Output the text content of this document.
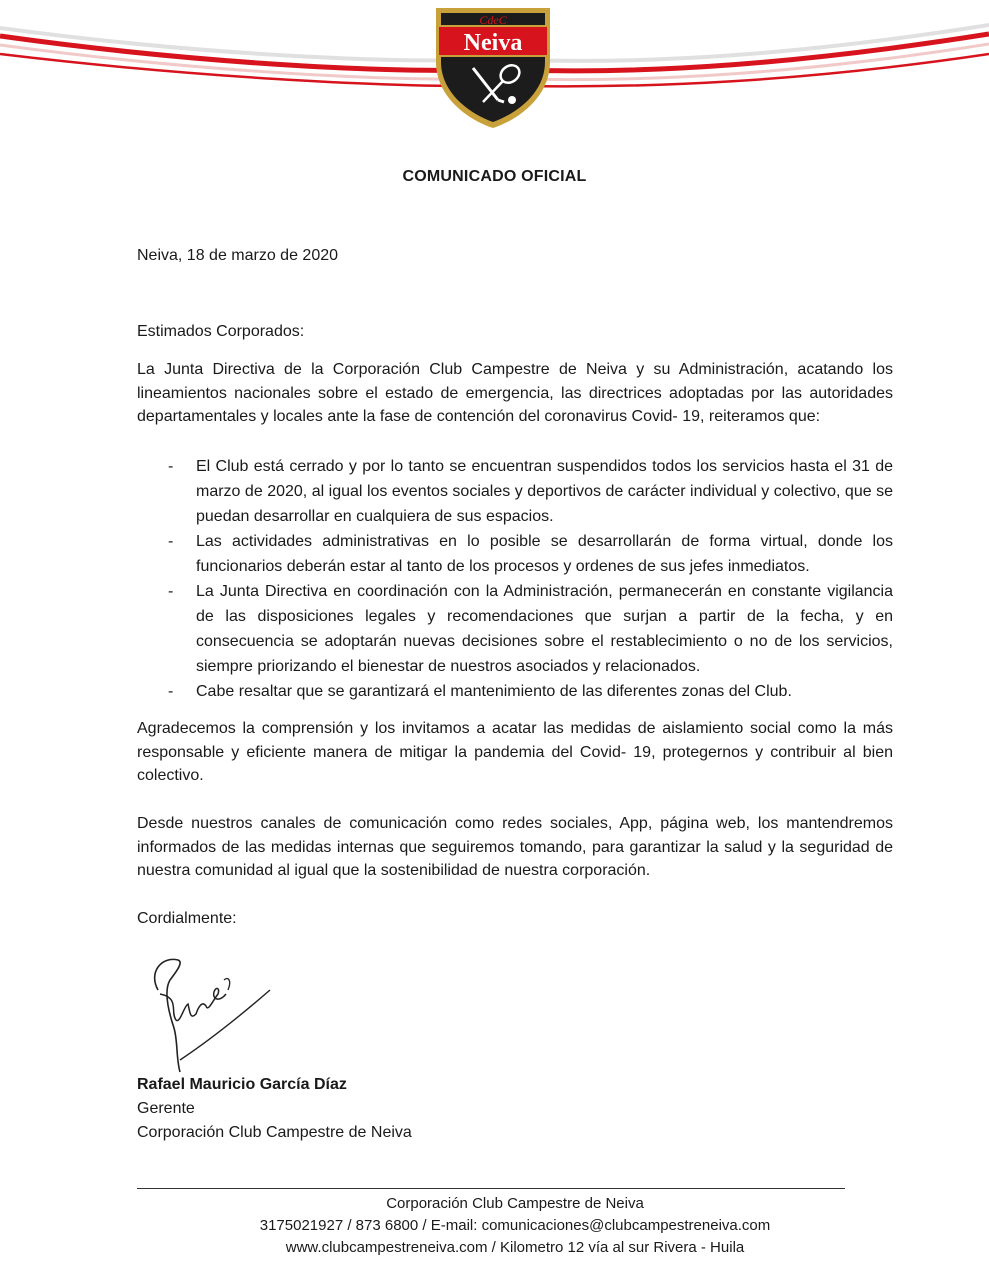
CdeC
Neiva
COMUNICADO OFICIAL
Neiva, 18 de marzo de 2020
Estimados Corporados:

La Junta Directiva de la Corporación Club Campestre de Neiva y su Administración, acatando los lineamientos nacionales sobre el estado de emergencia, las directrices adoptadas por las autoridades departamentales y locales ante la fase de contención del coronavirus Covid- 19, reiteramos que:

- El Club está cerrado y por lo tanto se encuentran suspendidos todos los servicios hasta el 31 de marzo de 2020, al igual los eventos sociales y deportivos de carácter individual y colectivo, que se puedan desarrollar en cualquiera de sus espacios.
- Las actividades administrativas en lo posible se desarrollarán de forma virtual, donde los funcionarios deberán estar al tanto de los procesos y ordenes de sus jefes inmediatos.
- La Junta Directiva en coordinación con la Administración, permanecerán en constante vigilancia de las disposiciones legales y recomendaciones que surjan a partir de la fecha, y en consecuencia se adoptarán nuevas decisiones sobre el restablecimiento o no de los servicios, siempre priorizando el bienestar de nuestros asociados y relacionados.
- Cabe resaltar que se garantizará el mantenimiento de las diferentes zonas del Club.

Agradecemos la comprensión y los invitamos a acatar las medidas de aislamiento social como la más responsable y eficiente manera de mitigar la pandemia del Covid- 19, protegernos y contribuir al bien colectivo.

Desde nuestros canales de comunicación como redes sociales, App, página web, los mantendremos informados de las medidas internas que seguiremos tomando, para garantizar la salud y la seguridad de nuestra comunidad al igual que la sostenibilidad de nuestra corporación.

Cordialmente:
Rafael Mauricio García Díaz
Gerente
Corporación Club Campestre de Neiva
Corporación Club Campestre de Neiva
3175021927 / 873 6800 / E-mail: comunicaciones@clubcampestreneiva.com
www.clubcampestreneiva.com / Kilometro 12 vía al sur Rivera - Huila
